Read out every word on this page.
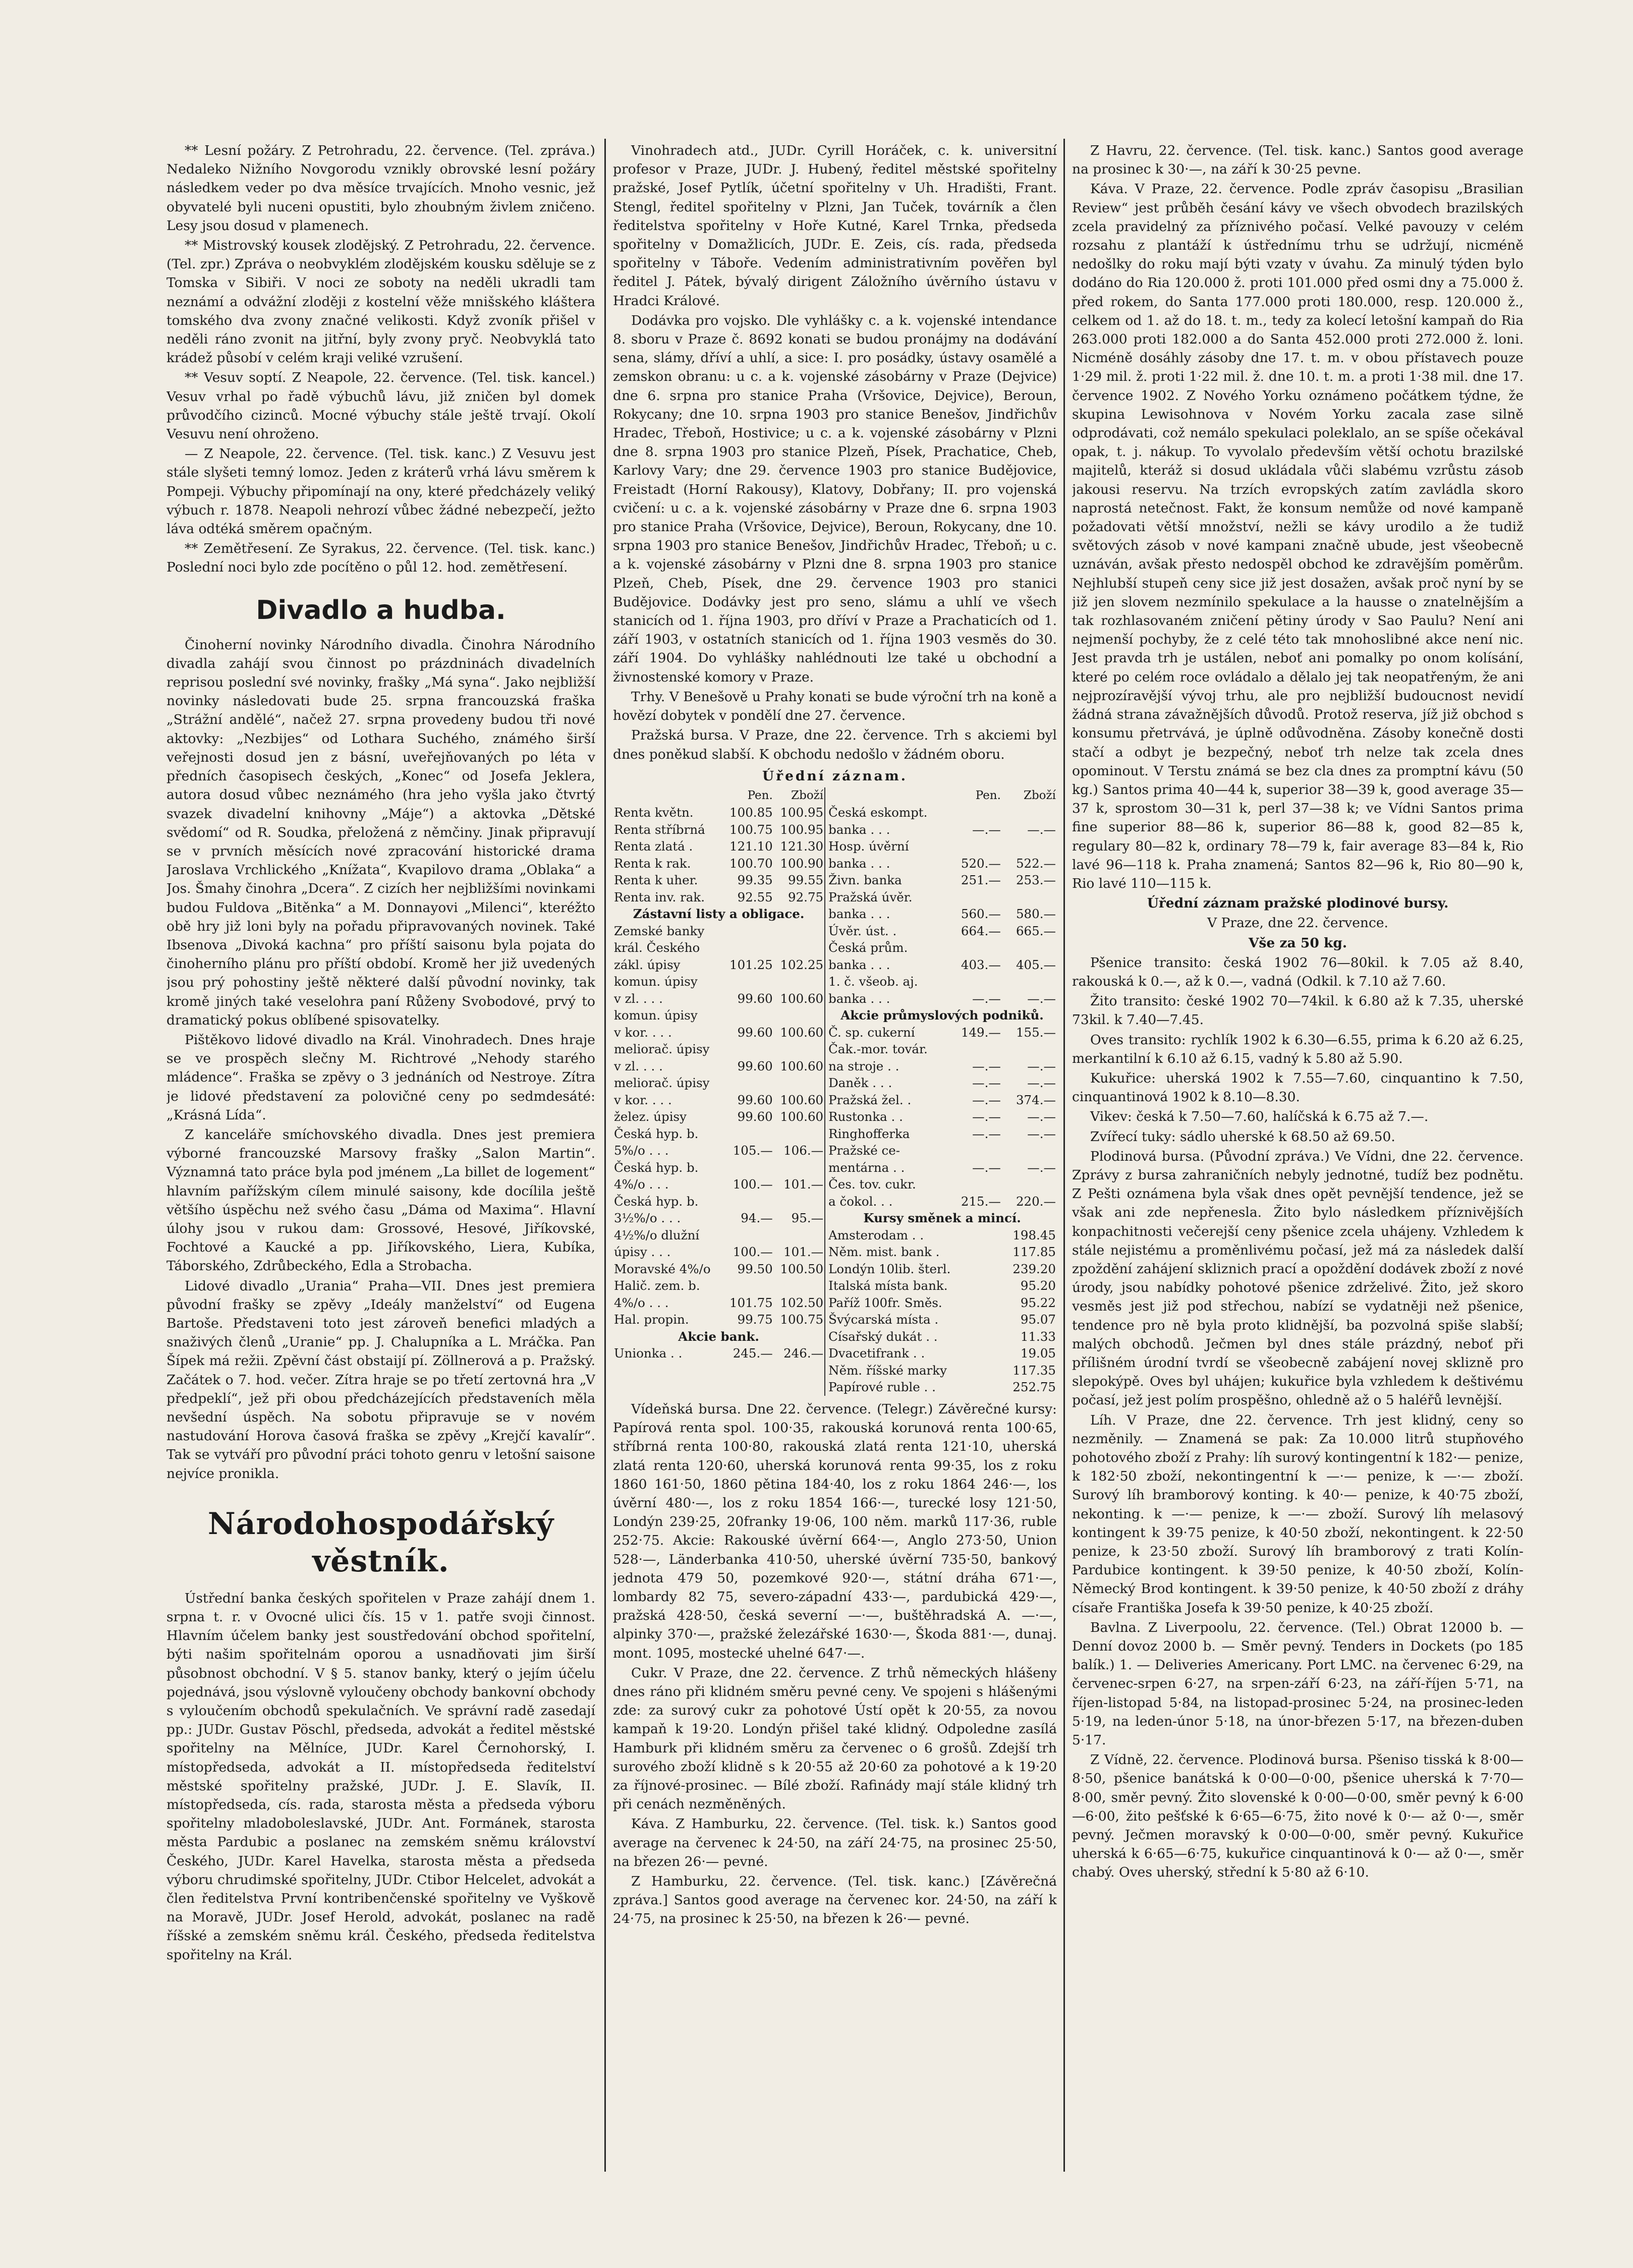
** Lesní požáry. Z Petrohradu, 22. července. (Tel. zpráva.) Nedaleko Nižního Novgorodu vznikly obrovské lesní požáry následkem veder po dva měsíce trvajících. Mnoho vesnic, jež obyvatelé byli nuceni opustiti, bylo zhoubným živlem zničeno. Lesy jsou dosud v plamenech.

** Mistrovský kousek zlodějský. Z Petrohradu, 22. července. (Tel. zpr.) Zpráva o neobvyklém zlodějském kousku sděluje se z Tomska v Sibiři. V noci ze soboty na neděli ukradli tam neznámí a odvážní zloději z kostelní věže mnišského kláštera tomského dva zvony značné velikosti. Když zvoník přišel v neděli ráno zvonit na jitřní, byly zvony pryč. Neobvyklá tato krádež působí v celém kraji veliké vzrušení.

** Vesuv soptí. Z Neapole, 22. července. (Tel. tisk. kancel.) Vesuv vrhal po řadě výbuchů lávu, již zničen byl domek průvodčího cizinců. Mocné výbuchy stále ještě trvají. Okolí Vesuvu není ohroženo.

— Z Neapole, 22. července. (Tel. tisk. kanc.) Z Vesuvu jest stále slyšeti temný lomoz. Jeden z kráterů vrhá lávu směrem k Pompeji. Výbuchy připomínají na ony, které předcházely veliký výbuch r. 1878. Neapoli nehrozí vůbec žádné nebezpečí, ježto láva odtéká směrem opačným.

** Zemětřesení. Ze Syrakus, 22. července. (Tel. tisk. kanc.) Poslední noci bylo zde pocítěno o půl 12. hod. zemětřesení.

Divadlo a hudba.

Činoherní novinky Národního divadla. Činohra Národního divadla zahájí svou činnost po prázdninách divadelních reprisou poslední své novinky, frašky „Má syna“. Jako nejbližší novinky následovati bude 25. srpna francouzská fraška „Strážní andělé“, načež 27. srpna provedeny budou tři nové aktovky: „Nezbijes“ od Lothara Suchého, známého širší veřejnosti dosud jen z básní, uveřejňovaných po léta v předních časopisech českých, „Konec“ od Josefa Jeklera, autora dosud vůbec neznámého (hra jeho vyšla jako čtvrtý svazek divadelní knihovny „Máje“) a aktovka „Dětské svědomí“ od R. Soudka, přeložená z němčiny. Jinak připravují se v prvních měsících nové zpracování historické drama Jaroslava Vrchlického „Knížata“, Kvapilovo drama „Oblaka“ a Jos. Šmahy činohra „Dcera“. Z cizích her nejbližšími novinkami budou Fuldova „Bitěnka“ a M. Donnayovi „Milenci“, kteréžto obě hry již loni byly na pořadu připravovaných novinek. Také Ibsenova „Divoká kachna“ pro příští saisonu byla pojata do činoherního plánu pro příští období. Kromě her již uvedených jsou prý pohostiny ještě některé další původní novinky, tak kromě jiných také veselohra paní Růženy Svobodové, prvý to dramatický pokus oblíbené spisovatelky.

Pištěkovo lidové divadlo na Král. Vinohradech. Dnes hraje se ve prospěch slečny M. Richtrové „Nehody starého mládence“. Fraška se zpěvy o 3 jednáních od Nestroye. Zítra je lidové představení za polovičné ceny po sedmdesáté: „Krásná Lída“.

Z kanceláře smíchovského divadla. Dnes jest premiera výborné francouzské Marsovy frašky „Salon Martin“. Významná tato práce byla pod jménem „La billet de logement“ hlavním pařížským cílem minulé saisony, kde docílila ještě většího úspěchu než svého času „Dáma od Maxima“. Hlavní úlohy jsou v rukou dam: Grossové, Hesové, Jiříkovské, Fochtové a Kaucké a pp. Jiříkovského, Liera, Kubíka, Táborského, Zdrůbeckého, Edla a Strobacha.

Lidové divadlo „Urania“ Praha—VII. Dnes jest premiera původní frašky se zpěvy „Ideály manželství“ od Eugena Bartoše. Představeni toto jest zároveň benefici mladých a snaživých členů „Uranie“ pp. J. Chalupníka a L. Mráčka. Pan Šípek má režii. Zpěvní část obstaijí pí. Zöllnerová a p. Pražský. Začátek o 7. hod. večer. Zítra hraje se po třetí zertovná hra „V předpeklí“, jež při obou předcházejících představeních měla nevšední úspěch. Na sobotu připravuje se v novém nastudování Horova časová fraška se zpěvy „Krejčí kavalír“. Tak se vytváří pro původní práci tohoto genru v letošní saisone nejvíce pronikla.

Národohospodářský věstník.

Ústřední banka českých spořitelen v Praze zahájí dnem 1. srpna t. r. v Ovocné ulici čís. 15 v 1. patře svoji činnost. Hlavním účelem banky jest soustředování obchod spořitelní, býti našim spořitelnám oporou a usnadňovati jim širší působnost obchodní. V § 5. stanov banky, který o jejím účelu pojednává, jsou výslovně vyloučeny obchody bankovní obchody s vyloučením obchodů spekulačních. Ve správní radě zasedají pp.: JUDr. Gustav Pöschl, předseda, advokát a ředitel městské spořitelny na Mělníce, JUDr. Karel Černohorský, I. místopředseda, advokát a II. místopředseda ředitelství městské spořitelny pražské, JUDr. J. E. Slavík, II. místopředseda, cís. rada, starosta města a předseda výboru spořitelny mladoboleslavské, JUDr. Ant. Formánek, starosta města Pardubic a poslanec na zemském sněmu království Českého, JUDr. Karel Havelka, starosta města a předseda výboru chrudimské spořitelny, JUDr. Ctibor Helcelet, advokát a člen ředitelstva První kontribenčenské spořitelny ve Vyškově na Moravě, JUDr. Josef Herold, advokát, poslanec na radě říšské a zemském sněmu král. Českého, předseda ředitelstva spořitelny na Král.

Vinohradech atd., JUDr. Cyrill Horáček, c. k. universitní profesor v Praze, JUDr. J. Hubený, ředitel městské spořitelny pražské, Josef Pytlík, účetní spořitelny v Uh. Hradišti, Frant. Stengl, ředitel spořitelny v Plzni, Jan Tuček, továrník a člen ředitelstva spořitelny v Hoře Kutné, Karel Trnka, předseda spořitelny v Domažlicích, JUDr. E. Zeis, cís. rada, předseda spořitelny v Táboře. Vedením administrativním pověřen byl ředitel J. Pátek, bývalý dirigent Záložního úvěrního ústavu v Hradci Králové.

Dodávka pro vojsko. Dle vyhlášky c. a k. vojenské intendance 8. sboru v Praze č. 8692 konati se budou pronájmy na dodávání sena, slámy, dříví a uhlí, a sice: I. pro posádky, ústavy osamělé a zemskon obranu: u c. a k. vojenské zásobárny v Praze (Dejvice) dne 6. srpna pro stanice Praha (Vršovice, Dejvice), Beroun, Rokycany; dne 10. srpna 1903 pro stanice Benešov, Jindřichův Hradec, Třeboň, Hostivice; u c. a k. vojenské zásobárny v Plzni dne 8. srpna 1903 pro stanice Plzeň, Písek, Prachatice, Cheb, Karlovy Vary; dne 29. července 1903 pro stanice Budějovice, Freistadt (Horní Rakousy), Klatovy, Dobřany; II. pro vojenská cvičení: u c. a k. vojenské zásobárny v Praze dne 6. srpna 1903 pro stanice Praha (Vršovice, Dejvice), Beroun, Rokycany, dne 10. srpna 1903 pro stanice Benešov, Jindřichův Hradec, Třeboň; u c. a k. vojenské zásobárny v Plzni dne 8. srpna 1903 pro stanice Plzeň, Cheb, Písek, dne 29. července 1903 pro stanici Budějovice. Dodávky jest pro seno, slámu a uhlí ve všech stanicích od 1. října 1903, pro dříví v Praze a Prachaticích od 1. září 1903, v ostatních stanicích od 1. října 1903 vesměs do 30. září 1904. Do vyhlášky nahlédnouti lze také u obchodní a živnostenské komory v Praze.

Trhy. V Benešově u Prahy konati se bude výroční trh na koně a hovězí dobytek v pondělí dne 27. července.

Pražská bursa. V Praze, dne 22. července. Trh s akciemi byl dnes poněkud slabší. K obchodu nedošlo v žádném oboru.

Úřední záznam.

	Pen.	Zboží		Pen.	Zboží
Renta květn.	100.85	100.95	Česká eskompt.		
Renta stříbrná	100.75	100.95	banka . . .	—.—	—.—
Renta zlatá .	121.10	121.30	Hosp. úvěrní		
Renta k rak.	100.70	100.90	banka . . .	520.—	522.—
Renta k uher.	99.35	99.55	Živn. banka	251.—	253.—
Renta inv. rak.	92.55	92.75	Pražská úvěr.		
Zástavní listy a obligace.			banka . . .	560.—	580.—
Zemské banky			Úvěr. úst. .	664.—	665.—
král. Českého			Česká prům.		
zákl. úpisy	101.25	102.25	banka . . .	403.—	405.—
komun. úpisy			1. č. všeob. aj.		
v zl. . . .	99.60	100.60	banka . . .	—.—	—.—
komun. úpisy			Akcie průmyslových podniků.		
v kor. . . .	99.60	100.60	Č. sp. cukerní	149.—	155.—
meliorač. úpisy			Čak.-mor. továr.		
v zl. . . .	99.60	100.60	na stroje . .	—.—	—.—
meliorač. úpisy			Daněk . . .	—.—	—.—
v kor. . . .	99.60	100.60	Pražská žel. .	—.—	374.—
želez. úpisy	99.60	100.60	Rustonka . .	—.—	—.—
Česká hyp. b.			Ringhofferka	—.—	—.—
5%/o . . .	105.—	106.—	Pražské ce-		
Česká hyp. b.			mentárna . .	—.—	—.—
4%/o . . .	100.—	101.—	Čes. tov. cukr.		
Česká hyp. b.			a čokol. . .	215.—	220.—
3½%/o . . .	94.—	95.—	Kursy směnek a mincí.		
4½%/o dlužní			Amsterodam . .		198.45
úpisy . . .	100.—	101.—	Něm. mist. bank .		117.85
Moravské 4%/o	99.50	100.50	Londýn 10lib. šterl.		239.20
Halič. zem. b.			Italská místa bank.		95.20
4%/o . . .	101.75	102.50	Paříž 100fr. Směs.		95.22
Hal. propin.	99.75	100.75	Švýcarská místa .		95.07
Akcie bank.			Císařský dukát . .		11.33
Unionka . .	245.—	246.—	Dvacetifrank . .		19.05
			Něm. říšské marky		117.35
			Papírové ruble . .		252.75

Vídeňská bursa. Dne 22. července. (Telegr.) Závěrečné kursy: Papírová renta spol. 100·35, rakouská korunová renta 100·65, stříbrná renta 100·80, rakouská zlatá renta 121·10, uherská zlatá renta 120·60, uherská korunová renta 99·35, los z roku 1860 161·50, 1860 pětina 184·40, los z roku 1864 246·—, los úvěrní 480·—, los z roku 1854 166·—, turecké losy 121·50, Londýn 239·25, 20franky 19·06, 100 něm. marků 117·36, ruble 252·75. Akcie: Rakouské úvěrní 664·—, Anglo 273·50, Union 528·—, Länderbanka 410·50, uherské úvěrní 735·50, bankový jednota 479 50, pozemkové 920·—, státní dráha 671·—, lombardy 82 75, severo-západní 433·—, pardubická 429·—, pražská 428·50, česká severní —·—, buštěhradská A. —·—, alpinky 370·—, pražské železářské 1630·—, Škoda 881·—, dunaj. mont. 1095, mostecké uhelné 647·—.

Cukr. V Praze, dne 22. července. Z trhů německých hlášeny dnes ráno při klidném směru pevné ceny. Ve spojeni s hlášenými zde: za surový cukr za pohotové Ústí opět k 20·55, za novou kampaň k 19·20. Londýn přišel také klidný. Odpoledne zasílá Hamburk při klidném směru za červenec o 6 grošů. Zdejší trh surového zboží klidně s k 20·55 až 20·60 za pohotové a k 19·20 za říjnové-prosinec. — Bílé zboží. Rafinády mají stále klidný trh při cenách nezměněných.

Káva. Z Hamburku, 22. července. (Tel. tisk. k.) Santos good average na červenec k 24·50, na září 24·75, na prosinec 25·50, na březen 26·— pevné.

Z Hamburku, 22. července. (Tel. tisk. kanc.) [Závěrečná zpráva.] Santos good average na červenec kor. 24·50, na září k 24·75, na prosinec k 25·50, na březen k 26·— pevné.

Z Havru, 22. července. (Tel. tisk. kanc.) Santos good average na prosinec k 30·—, na září k 30·25 pevne.

Káva. V Praze, 22. července. Podle zpráv časopisu „Brasilian Review“ jest průběh česání kávy ve všech obvodech brazilských zcela pravidelný za příznivého počasí. Velké pavouzy v celém rozsahu z plantáží k ústřednímu trhu se udržují, nicméně nedošlky do roku mají býti vzaty v úvahu. Za minulý týden bylo dodáno do Ria 120.000 ž. proti 101.000 před osmi dny a 75.000 ž. před rokem, do Santa 177.000 proti 180.000, resp. 120.000 ž., celkem od 1. až do 18. t. m., tedy za kolecí letošní kampaň do Ria 263.000 proti 182.000 a do Santa 452.000 proti 272.000 ž. loni. Nicméně dosáhly zásoby dne 17. t. m. v obou přístavech pouze 1·29 mil. ž. proti 1·22 mil. ž. dne 10. t. m. a proti 1·38 mil. dne 17. července 1902. Z Nového Yorku oznámeno počátkem týdne, že skupina Lewisohnova v Novém Yorku zacala zase silně odprodávati, což nemálo spekulaci poleklalo, an se spíše očekával opak, t. j. nákup. To vyvolalo především větší ochotu brazilské majitelů, kteráž si dosud ukládala vůči slabému vzrůstu zásob jakousi reservu. Na trzích evropských zatím zavládla skoro naprostá netečnost. Fakt, že konsum nemůže od nové kampaně požadovati větší množství, nežli se kávy urodilo a že tudiž světových zásob v nové kampani značně ubude, jest všeobecně uznáván, avšak přesto nedospěl obchod ke zdravějším poměrům. Nejhlubší stupeň ceny sice již jest dosažen, avšak proč nyní by se již jen slovem nezmínilo spekulace a la hausse o znatelnějším a tak rozhlasovaném zničení pětiny úrody v Sao Paulu? Není ani nejmenší pochyby, že z celé této tak mnohoslibné akce není nic. Jest pravda trh je ustálen, neboť ani pomalky po onom kolísání, které po celém roce ovládalo a dělalo jej tak neopatřeným, že ani nejprozíravější vývoj trhu, ale pro nejbližší budoucnost nevidí žádná strana závažnějších důvodů. Protož reserva, jíž již obchod s konsumu přetrvává, je úplně odůvodněna. Zásoby konečně dosti stačí a odbyt je bezpečný, neboť trh nelze tak zcela dnes opominout. V Terstu známá se bez cla dnes za promptní kávu (50 kg.) Santos prima 40—44 k, superior 38—39 k, good average 35—37 k, sprostom 30—31 k, perl 37—38 k; ve Vídni Santos prima fine superior 88—86 k, superior 86—88 k, good 82—85 k, regulary 80—82 k, ordinary 78—79 k, fair average 83—84 k, Rio lavé 96—118 k. Praha znamená; Santos 82—96 k, Rio 80—90 k, Rio lavé 110—115 k.

Úřední záznam pražské plodinové bursy.

V Praze, dne 22. července.

Vše za 50 kg.

Pšenice transito: česká 1902 76—80kil. k 7.05 až 8.40, rakouská k 0.—, až k 0.—, vadná (Odkil. k 7.10 až 7.60.

Žito transito: české 1902 70—74kil. k 6.80 až k 7.35, uherské 73kil. k 7.40—7.45.

Oves transito: rychlík 1902 k 6.30—6.55, prima k 6.20 až 6.25, merkantilní k 6.10 až 6.15, vadný k 5.80 až 5.90.

Kukuřice: uherská 1902 k 7.55—7.60, cinquantino k 7.50, cinquantinová 1902 k 8.10—8.30.

Vikev: česká k 7.50—7.60, halíčská k 6.75 až 7.—.

Zvířecí tuky: sádlo uherské k 68.50 až 69.50.

Plodinová bursa. (Původní zpráva.) Ve Vídni, dne 22. července. Zprávy z bursa zahraničních nebyly jednotné, tudíž bez podnětu. Z Pešti oznámena byla však dnes opět pevnější tendence, jež se však ani zde nepřenesla. Žito bylo následkem příznivějších konpachitnosti večerejší ceny pšenice zcela uhájeny. Vzhledem k stále nejistému a proměnlivému počasí, jež má za následek další zpoždění zahájení skliznich prací a opoždění dodávek zboží z nové úrody, jsou nabídky pohotové pšenice zdrželivé. Žito, jež skoro vesměs jest již pod střechou, nabízí se vydatněji než pšenice, tendence pro ně byla proto klidnější, ba pozvolná spiše slabší; malých obchodů. Ječmen byl dnes stále prázdný, neboť při přílišném úrodní tvrdí se všeobecně zabájení novej sklizně pro slepokýpě. Oves byl uhájen; kukuřice byla vzhledem k deštivému počasí, jež jest polím prospěšno, ohledně až o 5 haléřů levnější.

Líh. V Praze, dne 22. července. Trh jest klidný, ceny so nezměnily. — Znamená se pak: Za 10.000 litrů stupňového pohotového zboží z Prahy: líh surový kontingentní k 182·— penize, k 182·50 zboží, nekontingentní k —·— penize, k —·— zboží. Surový líh bramborový konting. k 40·— penize, k 40·75 zboží, nekonting. k —·— penize, k —·— zboží. Surový líh melasový kontingent k 39·75 penize, k 40·50 zboží, nekontingent. k 22·50 penize, k 23·50 zboží. Surový líh bramborový z trati Kolín-Pardubice kontingent. k 39·50 penize, k 40·50 zboží, Kolín-Německý Brod kontingent. k 39·50 penize, k 40·50 zboží z dráhy císaře Františka Josefa k 39·50 penize, k 40·25 zboží.

Bavlna. Z Liverpoolu, 22. července. (Tel.) Obrat 12000 b. — Denní dovoz 2000 b. — Směr pevný. Tenders in Dockets (po 185 balík.) 1. — Deliveries Americany. Port LMC. na červenec 6·29, na červenec-srpen 6·27, na srpen-září 6·23, na září-říjen 5·71, na říjen-listopad 5·84, na listopad-prosinec 5·24, na prosinec-leden 5·19, na leden-únor 5·18, na únor-březen 5·17, na březen-duben 5·17.

Z Vídně, 22. července. Plodinová bursa. Pšeniso tisská k 8·00—8·50, pšenice banátská k 0·00—0·00, pšenice uherská k 7·70—8·00, směr pevný. Žito slovenské k 0·00—0·00, směr pevný k 6·00—6·00, žito pešťské k 6·65—6·75, žito nové k 0·— až 0·—, směr pevný. Ječmen moravský k 0·00—0·00, směr pevný. Kukuřice uherská k 6·65—6·75, kukuřice cinquantinová k 0·— až 0·—, směr chabý. Oves uherský, střední k 5·80 až 6·10.
